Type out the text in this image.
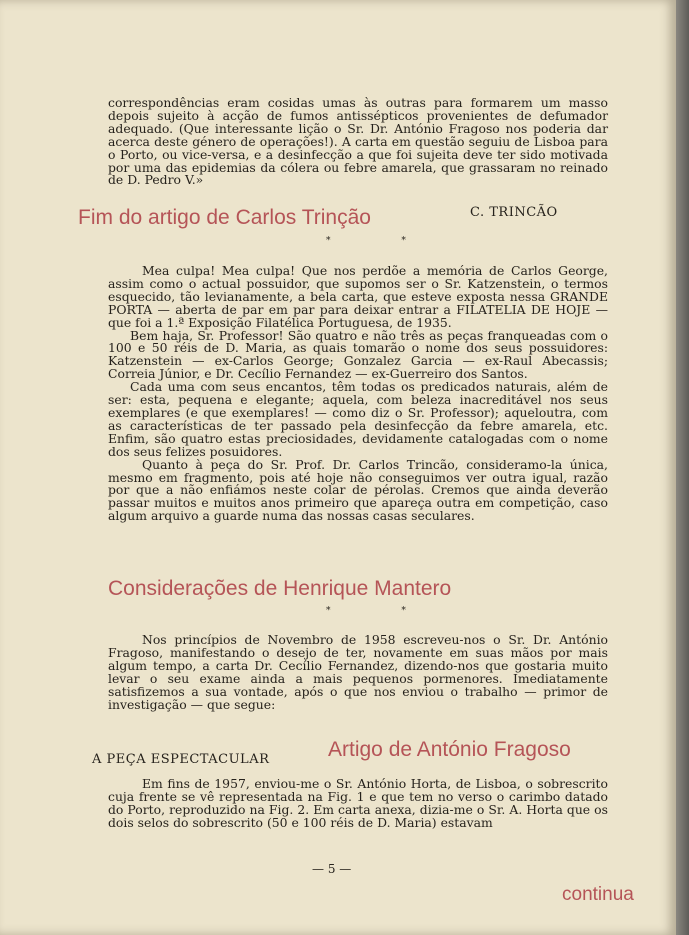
correspondências eram cosidas umas às outras para formarem um masso depois sujeito à acção de fumos antissépticos provenientes de defumador adequado. (Que interessante lição o Sr. Dr. António Fragoso nos poderia dar acerca deste género de operações!). A carta em questão seguiu de Lisboa para o Porto, ou vice-versa, e a desinfecção a que foi sujeita deve ter sido motivada por uma das epidemias da cólera ou febre amarela, que grassaram no reinado de D. Pedro V.»

Fim do artigo de Carlos Trinção	C. TRINCÃO
* *

Mea culpa! Mea culpa! Que nos perdõe a memória de Carlos George, assim como o actual possuidor, que supomos ser o Sr. Katzenstein, o termos esquecido, tão levianamente, a bela carta, que esteve exposta nessa GRANDE PORTA — aberta de par em par para deixar entrar a FILATELIA DE HOJE — que foi a 1.ª Exposição Filatélica Portuguesa, de 1935.

Bem haja, Sr. Professor! São quatro e não três as peças franqueadas com o 100 e 50 réis de D. Maria, as quais tomarão o nome dos seus possuidores: Katzenstein — ex-Carlos George; Gonzalez Garcia — ex-Raul Abecassis; Correia Júnior, e Dr. Cecílio Fernandez — ex-Guerreiro dos Santos.

Cada uma com seus encantos, têm todas os predicados naturais, além de ser: esta, pequena e elegante; aquela, com beleza inacreditável nos seus exemplares (e que exemplares! — como diz o Sr. Professor); aqueloutra, com as características de ter passado pela desinfecção da febre amarela, etc. Enfim, são quatro estas preciosidades, devidamente catalogadas com o nome dos seus felizes posuidores.

Quanto à peça do Sr. Prof. Dr. Carlos Trincão, consideramo-la única, mesmo em fragmento, pois até hoje não conseguimos ver outra igual, razão por que a não enfiámos neste colar de pérolas. Cremos que ainda deverão passar muitos e muitos anos primeiro que apareça outra em competição, caso algum arquivo a guarde numa das nossas casas seculares.

Considerações de Henrique Mantero
* *

Nos princípios de Novembro de 1958 escreveu-nos o Sr. Dr. António Fragoso, manifestando o desejo de ter, novamente em suas mãos por mais algum tempo, a carta Dr. Cecílio Fernandez, dizendo-nos que gostaria muito levar o seu exame ainda a mais pequenos pormenores. Imediatamente satisfizemos a sua vontade, após o que nos enviou o trabalho — primor de investigação — que segue:

A PEÇA ESPECTACULAR	Artigo de António Fragoso

Em fins de 1957, enviou-me o Sr. António Horta, de Lisboa, o sobrescrito cuja frente se vê representada na Fig. 1 e que tem no verso o carimbo datado do Porto, reproduzido na Fig. 2. Em carta anexa, dizia-me o Sr. A. Horta que os dois selos do sobrescrito (50 e 100 réis de D. Maria) estavam

— 5 —
continua
